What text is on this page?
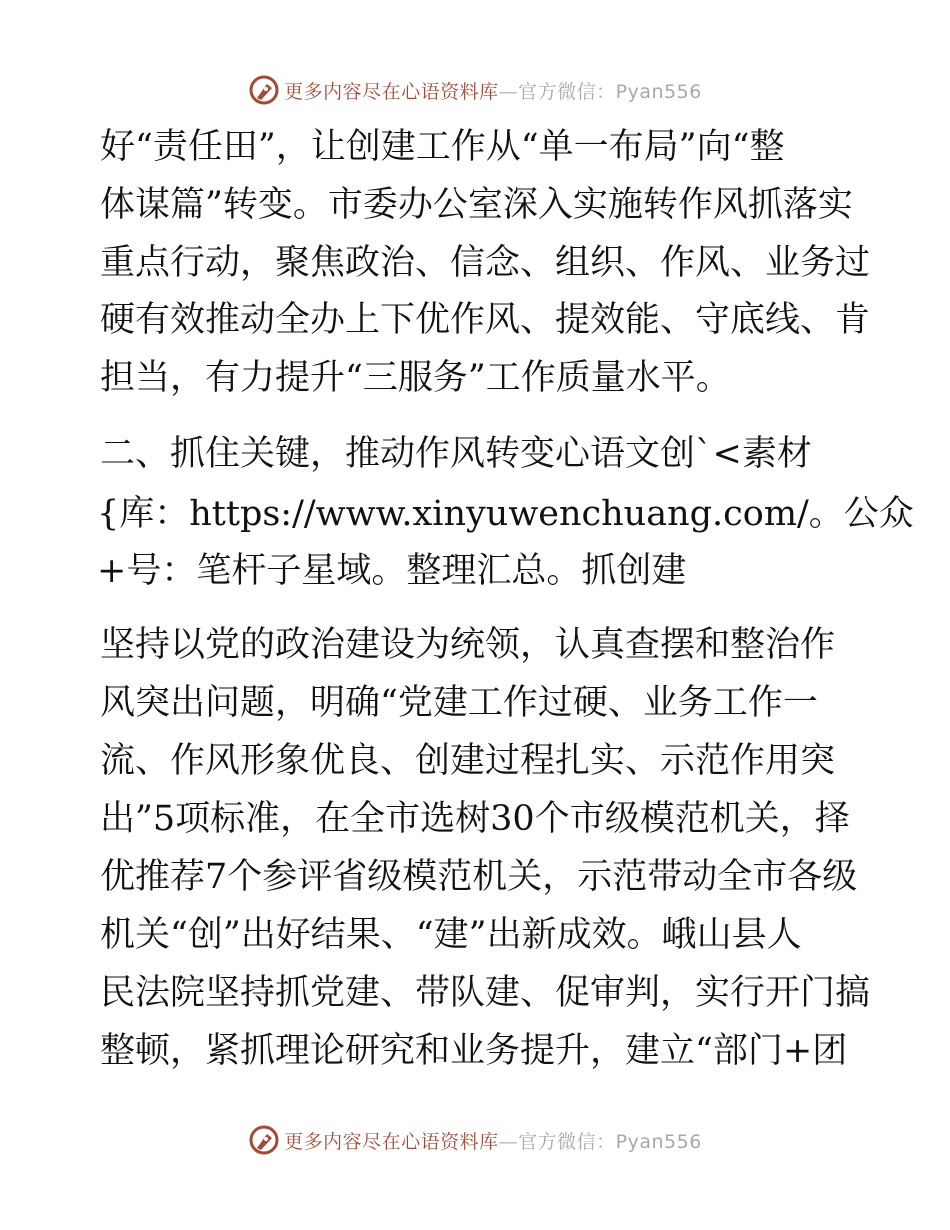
更多内容尽在心语资料库—官方微信：Pyan556
好“责任田”，让创建工作从“单一布局”向“整
体谋篇”转变。市委办公室深入实施转作风抓落实
重点行动，聚焦政治、信念、组织、作风、业务过
硬有效推动全办上下优作风、提效能、守底线、肯
担当，有力提升“三服务”工作质量水平。
二、抓住关键，推动作风转变心语文创`<素材
{库：https://www.xinyuwenchuang.com/。公众
+号：笔杆子星域。整理汇总。抓创建
坚持以党的政治建设为统领，认真查摆和整治作
风突出问题，明确“党建工作过硬、业务工作一
流、作风形象优良、创建过程扎实、示范作用突
出”5项标准，在全市选树30个市级模范机关，择
优推荐7个参评省级模范机关，示范带动全市各级
机关“创”出好结果、“建”出新成效。峨山县人
民法院坚持抓党建、带队建、促审判，实行开门搞
整顿，紧抓理论研究和业务提升，建立“部门+团
更多内容尽在心语资料库—官方微信：Pyan556
